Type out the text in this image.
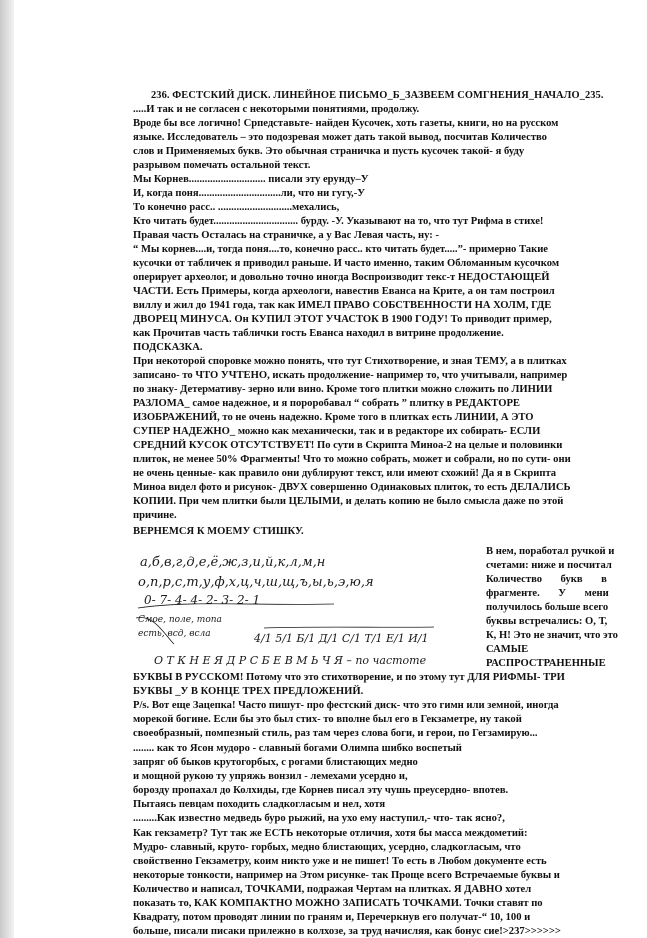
236. ФЕСТСКИЙ ДИСК. ЛИНЕЙНОЕ ПИСЬМО_Б_ЗАЗВЕЕМ СОМГНЕНИЯ_НАЧАЛО_235.
.....И так и не согласен с некоторыми понятиями, продолжу.
Вроде бы все логично! Српедставьте- найден Кусочек, хоть газеты, книги, но на русском
языке. Исследователь – это подозревая может дать такой вывод, посчитав Количество
слов и Применяемых букв. Это обычная страничка и пусть кусочек такой- я буду
разрывом помечать остальной текст.
Мы Корнев............................. писали эту ерунду–У
И, когда поня...............................ли, что ни гугу,-У
То конечно расс.. ............................мехались,
Кто читать будет................................ бурду. -У. Указывают на то, что тут Рифма в стихе!
Правая часть Осталась на страничке, а у Вас Левая часть, ну: -
“ Мы корнев....и, тогда поня....то, конечно расс.. кто читать будет.....”- примерно Такие
кусочки от табличек я приводил раньше. И часто именно, таким Обломанным кусочком
оперирует археолог, и довольно точно иногда Воспроизводит текс-т НЕДОСТАЮЩЕЙ
ЧАСТИ. Есть Примеры, когда археологи, навестив Еванса на Крите, а он там построил
виллу и жил до 1941 года, так как ИМЕЛ ПРАВО СОБСТВЕННОСТИ НА ХОЛМ, ГДЕ
ДВОРЕЦ МИНУСА. Он КУПИЛ ЭТОТ УЧАСТОК В 1900 ГОДУ! То приводит пример,
как Прочитав часть таблички гость Еванса находил в витрине продолжение.
ПОДСКАЗКА.
При некоторой споровке можно понять, что тут Стихотворение, и зная ТЕМУ, а в плитках
записано- то ЧТО УЧТЕНО, искать продолжение- например то, что учитывали, например
по знаку- Детермативу- зерно или вино. Кроме того плитки можно сложить по ЛИНИИ
РАЗЛОМА_ самое надежное, и я пороробавал “ собрать ” плитку в РЕДАКТОРЕ
ИЗОБРАЖЕНИЙ, то не очень надежно. Кроме того в плитках есть ЛИНИИ, А ЭТО
СУПЕР НАДЕЖНО_ можно как механически, так и в редакторе их собирать- ЕСЛИ
СРЕДНИЙ КУСОК ОТСУТСТВУЕТ! По сути в Скрипта Миноа-2 на целые и половинки
плиток, не менее 50% Фрагменты! Что то можно собрать, может и собрали, но по сути- они
не очень ценные- как правило они дублируют текст, или имеют схожий! Да я в Скрипта
Миноа видел фото и рисунок- ДВУХ совершенно Одинаковых плиток, то есть ДЕЛАЛИСЬ
КОПИИ. При чем плитки были ЦЕЛЫМИ, и делать копию не было смысла даже по этой
причине.
ВЕРНЕМСЯ К МОЕМУ СТИШКУ.
В нем, поработал ручкой и
счетами: ниже и посчитал
Количество       букв       в
фрагменте.       У       мени
получилось больше всего
буквы встречались: О, Т,
К, Н! Это не значит, что это
САМЫЕ
РАСПРОСТРАНЕННЫЕ
а,б,в,г,д,е,ё,ж,з,и,й,к,л,м,н
о,п,р,с,т,у,ф,х,ц,ч,ш,щ,ъ,ы,ь,э,ю,я
0- 7- 4- 4- 2- 3- 2- 1
Смое, поле, топа
есть, всд, всла	4/1 5/1 Б/1 Д/1 С/1 Т/1 Е/1 И/1
О Т К Н Е Я Д Р С Б Е В М Ь Ч Я – по частоте
БУКВЫ В РУССКОМ! Потому что это стихотворение, и по этому тут ДЛЯ РИФМЫ- ТРИ
БУКВЫ _У В КОНЦЕ ТРЕХ ПРЕДЛОЖЕНИЙ.
P/s. Вот еще Зацепка! Часто пишут- про фестский диск- что это гимн или земной, иногда
морекой богине. Если бы это был стих- то вполне был его в Гекзаметре, ну такой
своеобразный, помпезный стиль, раз там через слова боги, и герои, по Гегзамирую...
........ как то Ясон мудоро - славный богами Олимпа шибко воспетый
запряг об быков крутогорбых, с рогами блистающих медно
и мощной рукою ту упряжь вонзил - лемехами усердно и,
борозду пропахал до Колхиды, где Корнев писал эту чушь преусердно- впотев.
Пытаясь певцам походить сладкогласым и нел, хотя
.........Как известно медведь буро рыжий, на ухо ему наступил,- что- так ясно?,
Как гекзаметр? Тут так же ЕСТЬ некоторые отличия, хотя бы масса междометий:
Мудро- славный, круто- горбых, медно блистающих, усердно, сладкогласым, что
свойственно Гекзаметру, коим никто уже и не пишет! То есть в Любом документе есть
некоторые тонкости, например на Этом рисунке- так Проще всего Встречаемые буквы и
Количество и написал, ТОЧКАМИ, подражая Чертам на плитках. Я ДАВНО хотел
показать то, КАК КОМПАКТНО МОЖНО ЗАПИСАТЬ ТОЧКАМИ. Точки ставят по
Квадрату, потом проводят линии по граням и, Перечеркнув его получат-“ 10, 100 и
больше, писали писаки прилежно в колхозе, за труд начисляя, как бонус сие!>237>>>>>>
